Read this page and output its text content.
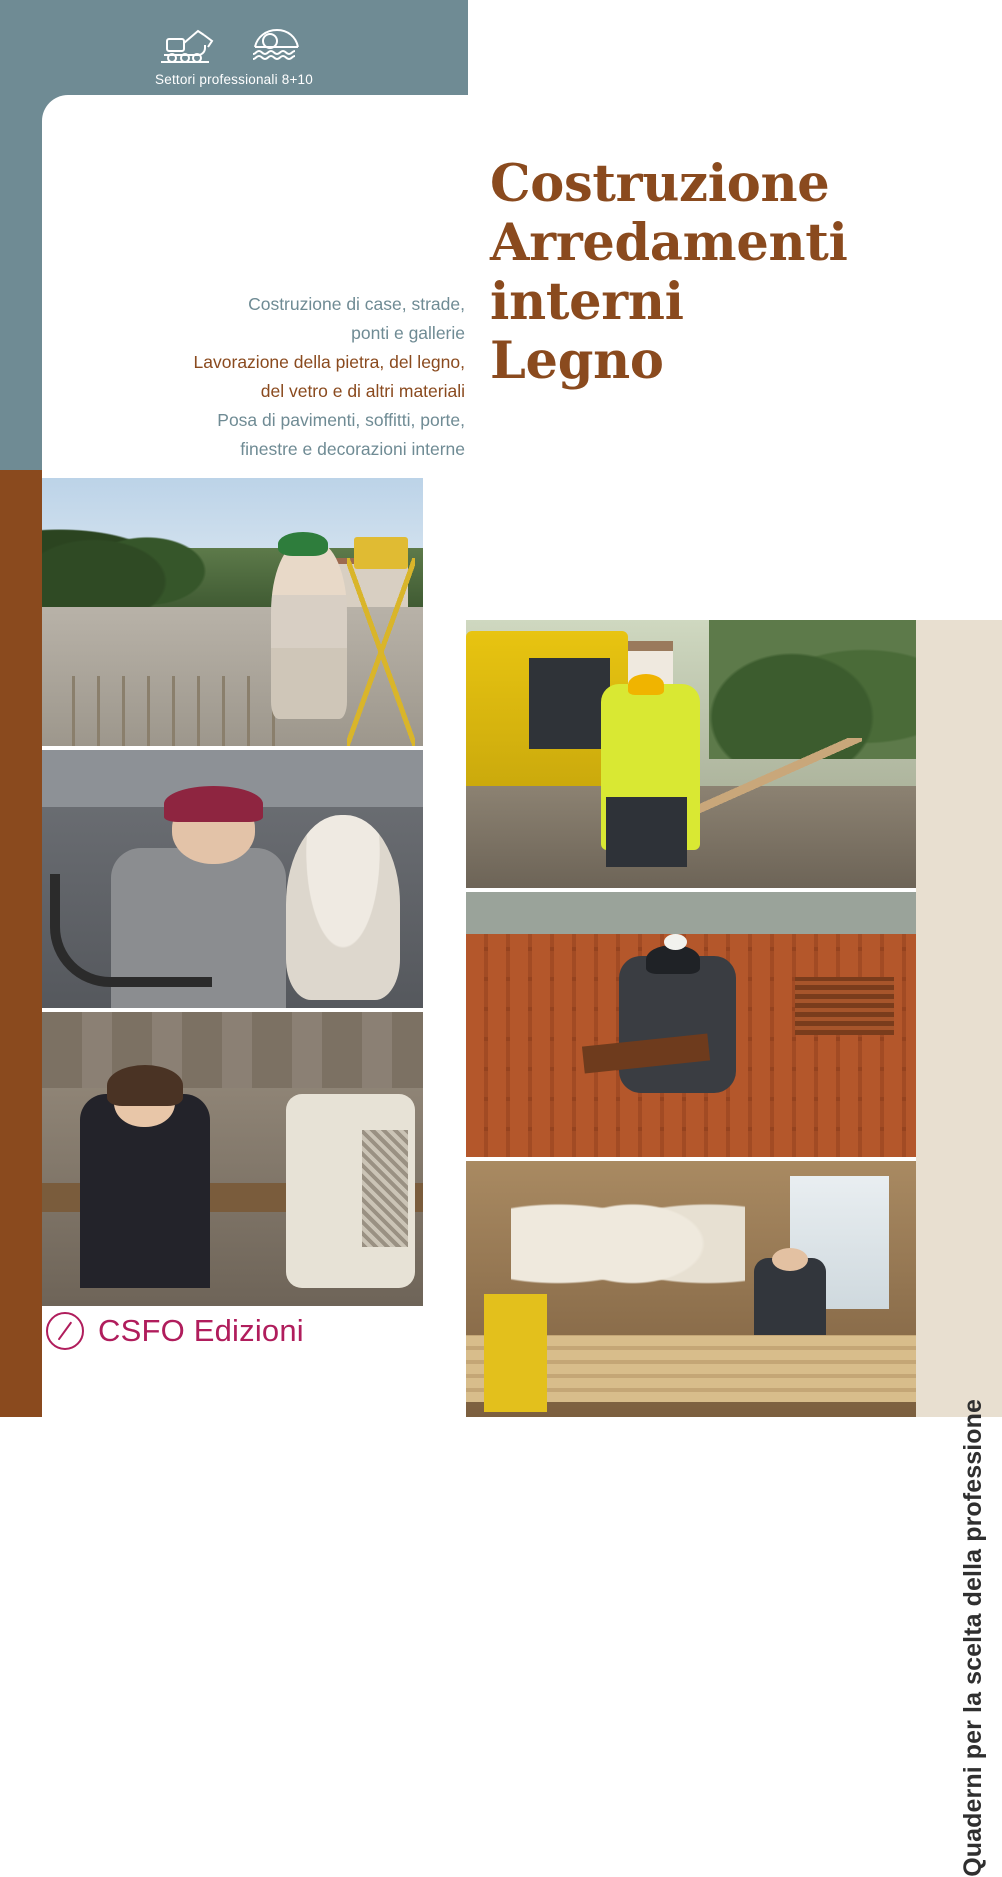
Settori professionali 8+10
Costruzione
Arredamenti
interni
Legno
Costruzione di case, strade,
ponti e gallerie
Lavorazione della pietra, del legno,
del vetro e di altri materiali
Posa di pavimenti, soffitti, porte,
finestre e decorazioni interne
Quaderni per la scelta della professione
CSFO Edizioni
